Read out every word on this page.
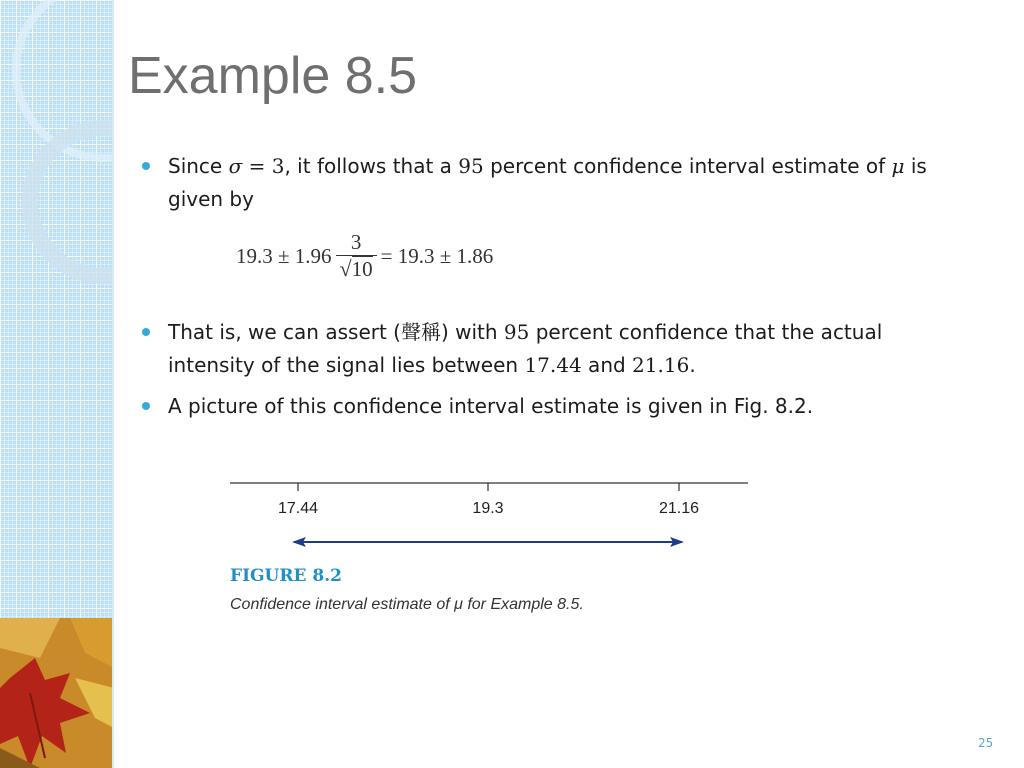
Example 8.5
Since σ = 3, it follows that a 95 percent confidence interval estimate of μ is given by
That is, we can assert (聲稱) with 95 percent confidence that the actual intensity of the signal lies between 17.44 and 21.16.
A picture of this confidence interval estimate is given in Fig. 8.2.
$19.3 \pm 1.96 \frac{3}{√10} = 19.3 \pm 1.86$
17.44	19.3	21.16
FIGURE 8.2
Confidence interval estimate of μ for Example 8.5.
25
